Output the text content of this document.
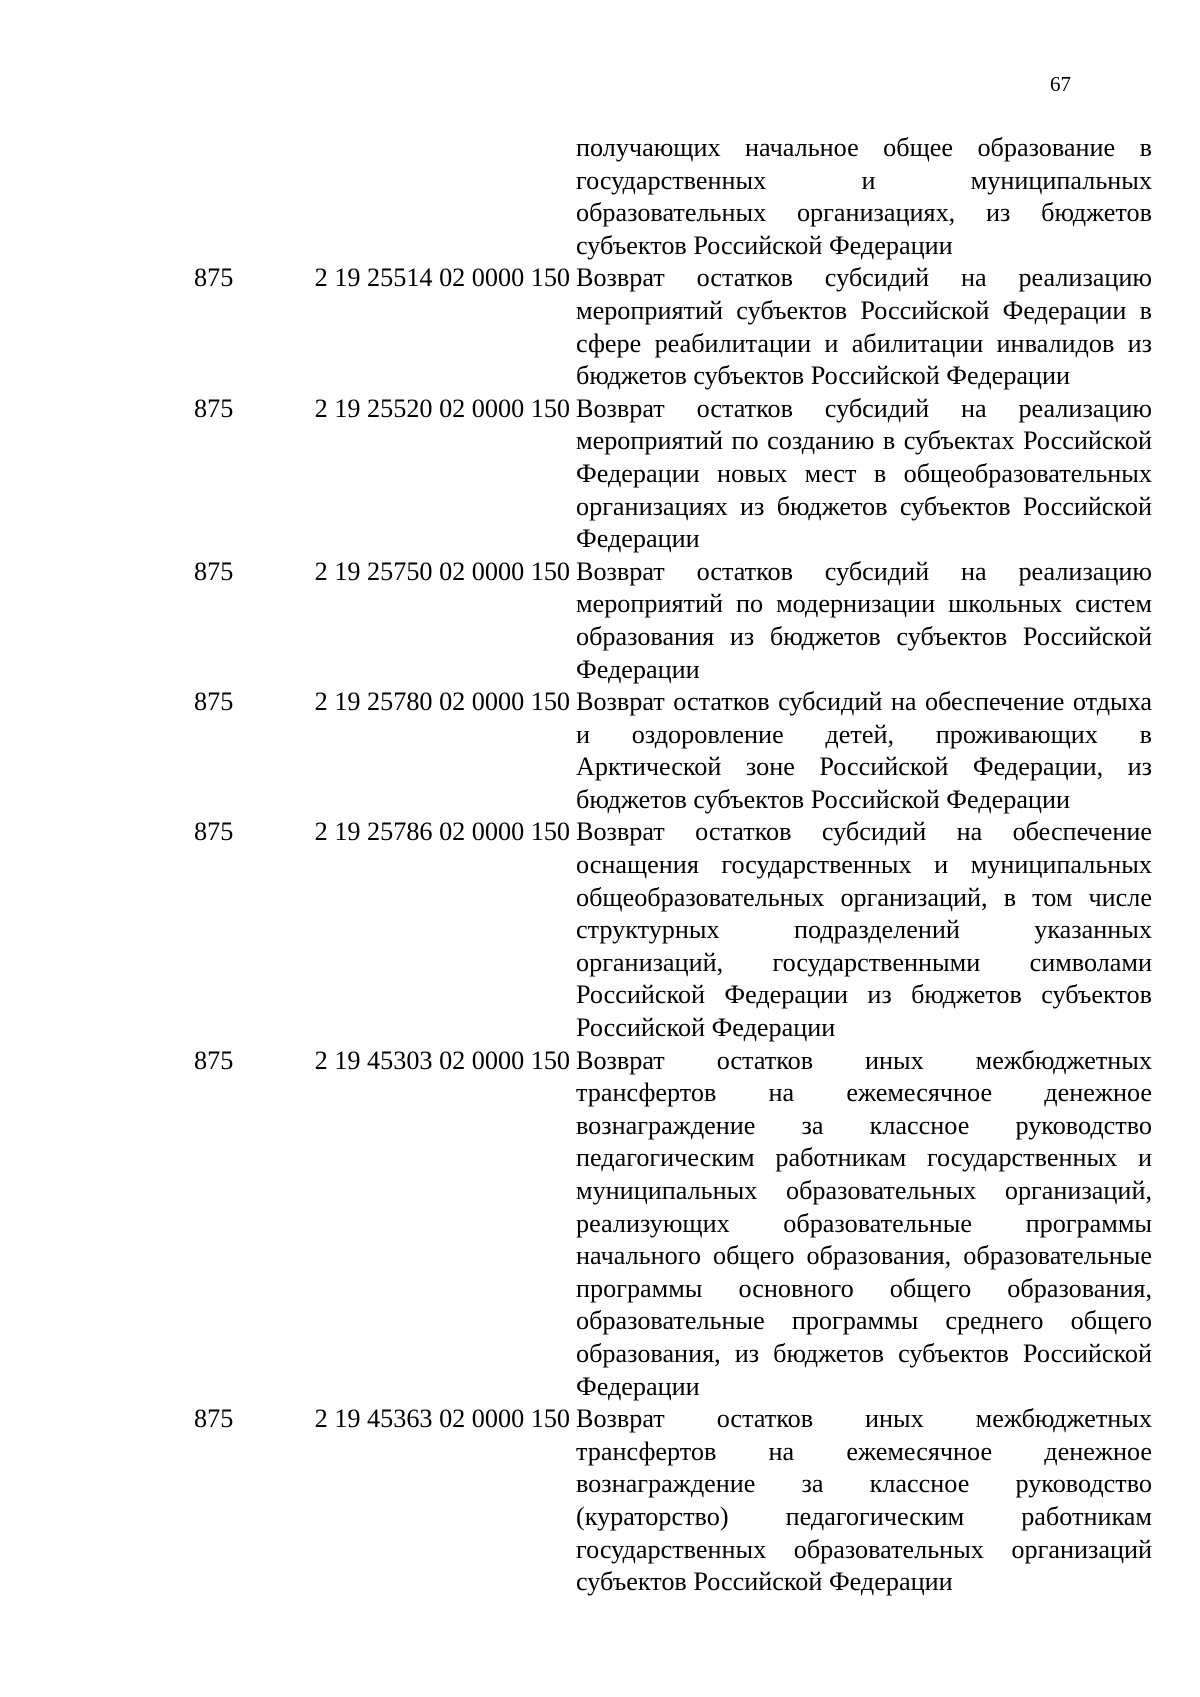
67
получающих начальное общее образование в государственных и муниципальных образовательных организациях, из бюджетов субъектов Российской Федерации
875	2 19 25514 02 0000 150 Возврат остатков субсидий на реализацию мероприятий субъектов Российской Федерации в сфере реабилитации и абилитации инвалидов из бюджетов субъектов Российской Федерации
875	2 19 25520 02 0000 150 Возврат остатков субсидий на реализацию мероприятий по созданию в субъектах Российской Федерации новых мест в общеобразовательных организациях из бюджетов субъектов Российской Федерации
875	2 19 25750 02 0000 150 Возврат остатков субсидий на реализацию мероприятий по модернизации школьных систем образования из бюджетов субъектов Российской Федерации
875	2 19 25780 02 0000 150 Возврат остатков субсидий на обеспечение отдыха и оздоровление детей, проживающих в Арктической зоне Российской Федерации, из бюджетов субъектов Российской Федерации
875	2 19 25786 02 0000 150 Возврат остатков субсидий на обеспечение оснащения государственных и муниципальных общеобразовательных организаций, в том числе структурных подразделений указанных организаций, государственными символами Российской Федерации из бюджетов субъектов Российской Федерации
875	2 19 45303 02 0000 150 Возврат остатков иных межбюджетных трансфертов на ежемесячное денежное вознаграждение за классное руководство педагогическим работникам государственных и муниципальных образовательных организаций, реализующих образовательные программы начального общего образования, образовательные программы основного общего образования, образовательные программы среднего общего образования, из бюджетов субъектов Российской Федерации
875	2 19 45363 02 0000 150 Возврат остатков иных межбюджетных трансфертов на ежемесячное денежное вознаграждение за классное руководство (кураторство) педагогическим работникам государственных образовательных организаций субъектов Российской Федерации
